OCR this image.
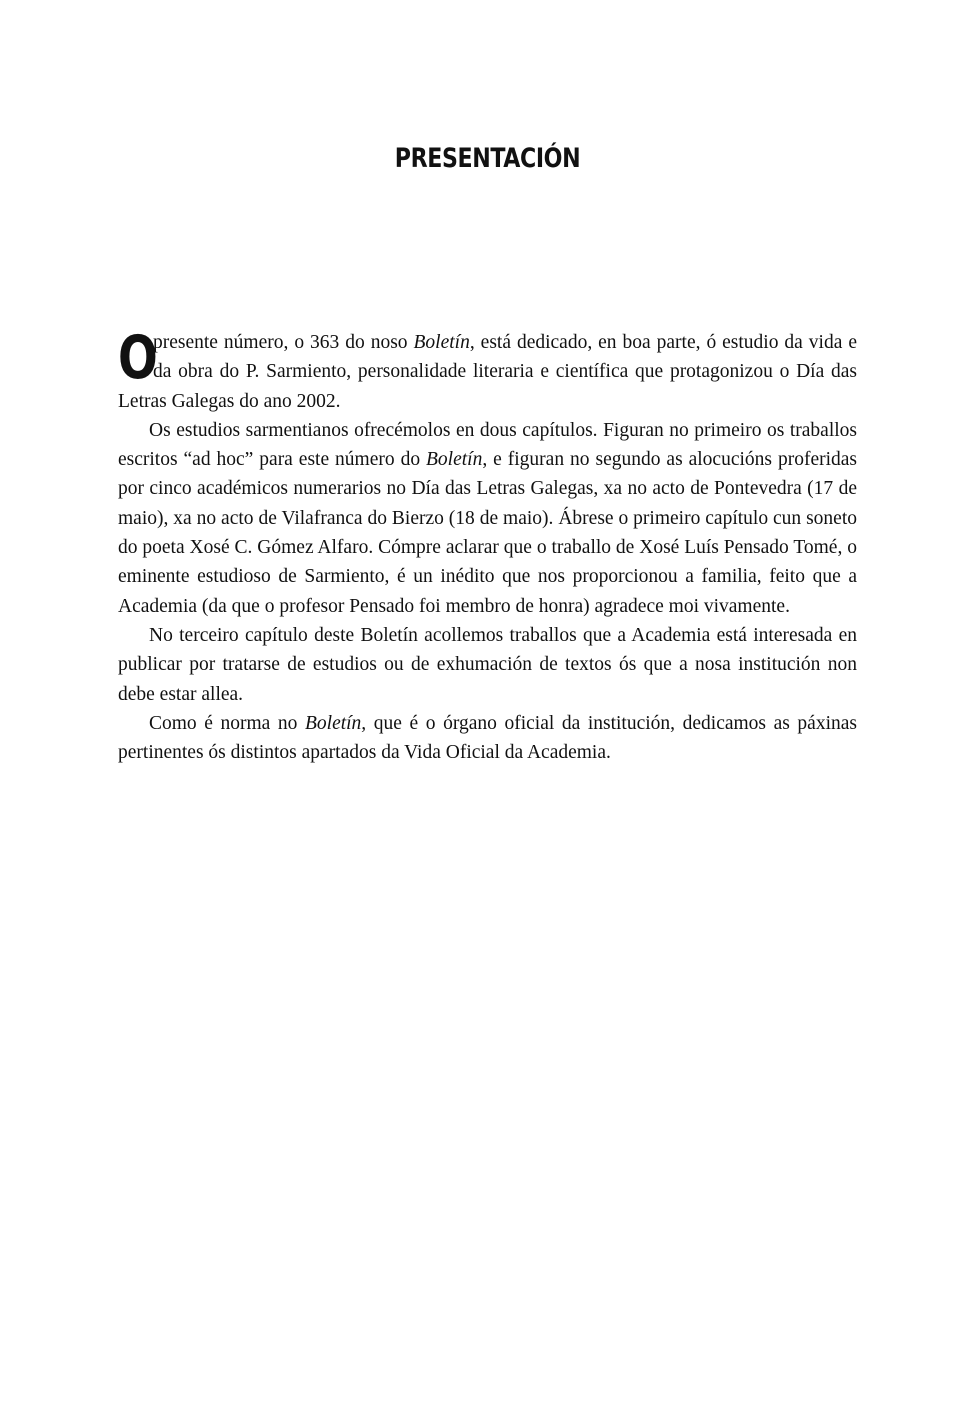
PRESENTACIÓN

O
presente número, o 363 do noso Boletín, está dedicado, en boa parte, ó estudio da vida e da obra do P. Sarmiento, personalidade literaria e científica que protagonizou o Día das Letras Galegas do ano 2002.

Os estudios sarmentianos ofrecémolos en dous capítulos. Figuran no primeiro os traballos escritos “ad hoc” para este número do Boletín, e figuran no segundo as alocucións proferidas por cinco académicos numerarios no Día das Letras Galegas, xa no acto de Pontevedra (17 de maio), xa no acto de Vilafranca do Bierzo (18 de maio). Ábrese o primeiro capítulo cun soneto do poeta Xosé C. Gómez Alfaro. Cómpre aclarar que o traballo de Xosé Luís Pensado Tomé, o eminente estudioso de Sarmiento, é un inédito que nos proporcionou a familia, feito que a Academia (da que o profesor Pensado foi membro de honra) agradece moi vivamente.

No terceiro capítulo deste Boletín acollemos traballos que a Academia está interesada en publicar por tratarse de estudios ou de exhumación de textos ós que a nosa institución non debe estar allea.

Como é norma no Boletín, que é o órgano oficial da institución, dedicamos as páxinas pertinentes ós distintos apartados da Vida Oficial da Academia.
